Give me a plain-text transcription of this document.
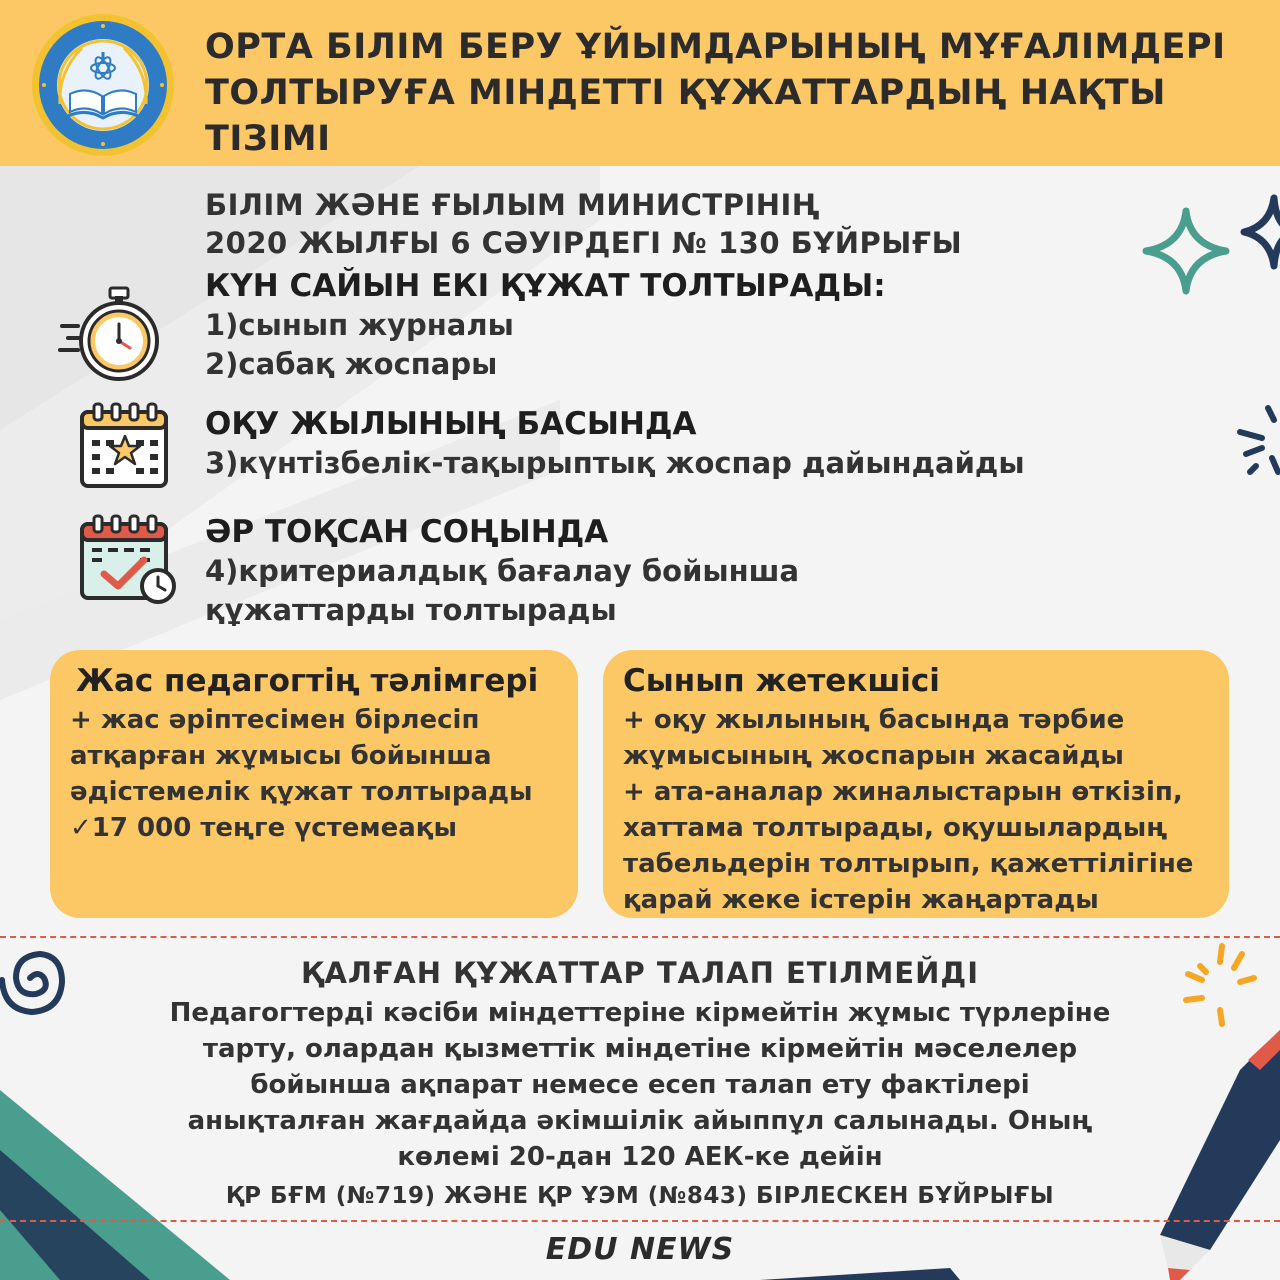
ОРТА БІЛІМ БЕРУ ҰЙЫМДАРЫНЫҢ МҰҒАЛІМДЕРІ
ТОЛТЫРУҒА МІНДЕТТІ ҚҰЖАТТАРДЫҢ НАҚТЫ
ТІЗІМІ
БІЛІМ ЖӘНЕ ҒЫЛЫМ МИНИСТРІНІҢ
2020 ЖЫЛҒЫ 6 СӘУІРДЕГІ № 130 БҰЙРЫҒЫ
КҮН САЙЫН ЕКІ ҚҰЖАТ ТОЛТЫРАДЫ:
1)сынып журналы
2)сабақ жоспары
ОҚУ ЖЫЛЫНЫҢ БАСЫНДА
3)күнтізбелік-тақырыптық жоспар дайындайды
ӘР ТОҚСАН СОҢЫНДА
4)критериалдық бағалау бойынша
құжаттарды толтырады
Жас педагогтің тәлімгері
+ жас әріптесімен бірлесіп
атқарған жұмысы бойынша
әдістемелік құжат толтырады
✓17 000 теңге үстемеақы
Сынып жетекшісі
+ оқу жылының басында тәрбие
жұмысының жоспарын жасайды
+ ата-аналар жиналыстарын өткізіп,
хаттама толтырады, оқушылардың
табельдерін толтырып, қажеттілігіне
қарай жеке істерін жаңартады
ҚАЛҒАН ҚҰЖАТТАР ТАЛАП ЕТІЛМЕЙДІ
Педагогтерді кәсіби міндеттеріне кірмейтін жұмыс түрлеріне
тарту, олардан қызметтік міндетіне кірмейтін мәселелер
бойынша ақпарат немесе есеп талап ету фактілері
анықталған жағдайда әкімшілік айыппұл салынады. Оның
көлемі 20-дан 120 АЕК-ке дейін
ҚР БҒМ (№719) ЖӘНЕ ҚР ҰЭМ (№843) БІРЛЕСКЕН БҰЙРЫҒЫ
EDU NEWS
